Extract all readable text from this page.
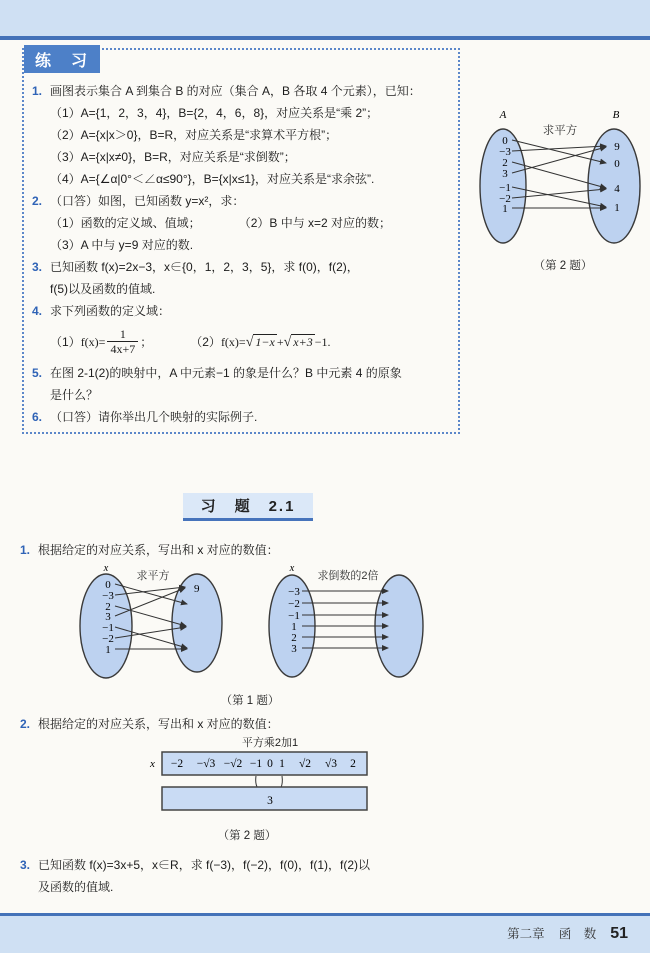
练　习
1. 画图表示集合 A 到集合 B 的对应（集合 A，B 各取 4 个元素），已知：
（1）A={1，2，3，4}，B={2，4，6，8}，对应关系是“乘 2”；
（2）A={x|x＞0}，B=R，对应关系是“求算术平方根”；
（3）A={x|x≠0}，B=R，对应关系是“求倒数”；
（4）A={∠α|0°＜∠α≤90°}，B={x|x≤1}，对应关系是“求余弦”.
2. （口答）如图，已知函数 y=x²，求：
（1）函数的定义域、值域；	（2）B 中与 x=2 对应的数；
（3）A 中与 y=9 对应的数.
3. 已知函数 f(x)=2x−3，x∈{0，1，2，3，5}，求 f(0)，f(2)，
f(5)以及函数的值域.
4. 求下列函数的定义域：
（1） $f(x)= \frac{1}{4x+7}$ ；	（2） f(x)= √ 1−x + √ x+3 −1.
5. 在图 2-1(2)的映射中，A 中元素−1 的象是什么？B 中元素 4 的原象
是什么？
6. （口答）请你举出几个映射的实际例子.
A	B
求平方
0
−3
2
3
−1
−2
1
9
0
4
1
（第 2 题）
习　题　2.1
1. 根据给定的对应关系，写出和 x 对应的数值：
x
求平方
0
−3
2
3
−1
−2
1
9
x
求倒数的2倍
−3
−2
−1
1
2
3
（第 1 题）
2. 根据给定的对应关系，写出和 x 对应的数值：
平方乘2加1
x −2 −√3 −√2 −1 0 1 √2 √3 2
3
（第 2 题）
3. 已知函数 f(x)=3x+5，x∈R，求 f(−3)，f(−2)，f(0)，f(1)，f(2)以
及函数的值域.
第二章 函　数 51
